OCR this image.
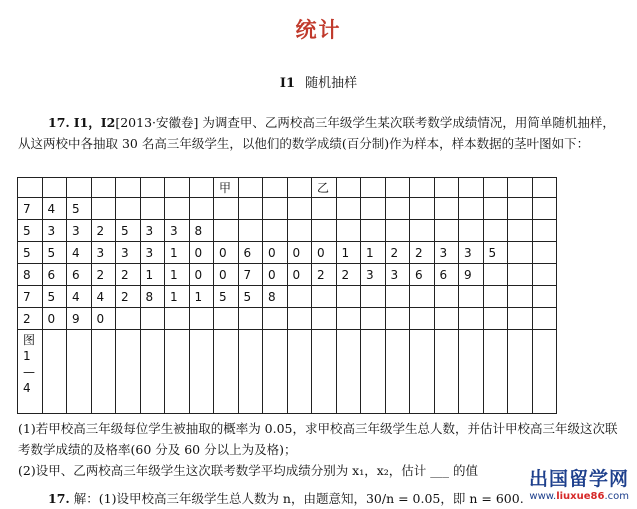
统计
I1 随机抽样
17. I1，I2[2013·安徽卷] 为调查甲、乙两校高三年级学生某次联考数学成绩情况，用简单随机抽样，从这两校中各抽取 30 名高三年级学生，以他们的数学成绩(百分制)作为样本，样本数据的茎叶图如下：
								甲				乙									
7	4	5																			
5	3	3	2	5	3	3	8														
5	5	4	3	3	3	1	0	0	6	0	0	0	1	1	2	2	3	3	5		
8	6	6	2	2	1	1	0	0	7	0	0	2	2	3	3	6	6	9			
7	5	4	4	2	8	1	1	5	5	8											
2	0	9	0																		
图
1
—
4																					
(1)若甲校高三年级每位学生被抽取的概率为 0.05，求甲校高三年级学生总人数，并估计甲校高三年级这次联考数学成绩的及格率(60 分及 60 分以上为及格)；
(2)设甲、乙两校高三年级学生这次联考数学平均成绩分别为 x₁，x₂，估计 ___ 的值
17. 解：(1)设甲校高三年级学生总人数为 n，由题意知，30/n = 0.05，即 n = 600.
出国留学网
www.liuxue86.com
